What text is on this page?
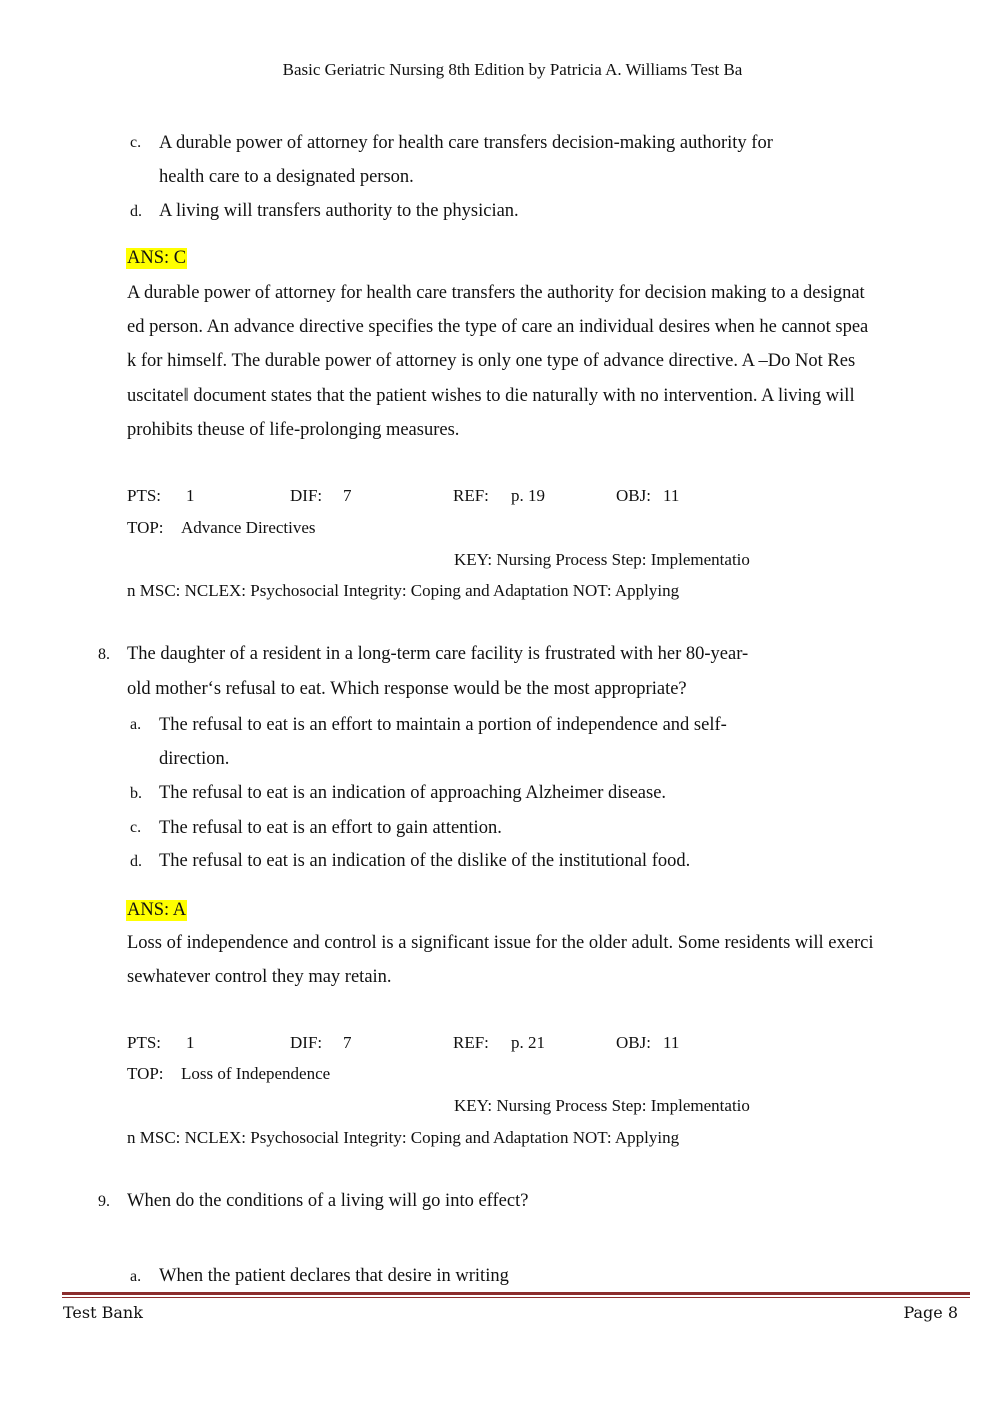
Basic Geriatric Nursing 8th Edition by Patricia A. Williams Test Ba
c. A durable power of attorney for health care transfers decision-making authority for
health care to a designated person.
d. A living will transfers authority to the physician.
ANS: C
A durable power of attorney for health care transfers the authority for decision making to a designat
ed person. An advance directive specifies the type of care an individual desires when he cannot spea
k for himself. The durable power of attorney is only one type of advance directive. A –Do Not Res
uscitate‖ document states that the patient wishes to die naturally with no intervention. A living will
prohibits theuse of life-prolonging measures.
PTS: 1	DIF: 7	REF: p. 19	OBJ: 11
TOP: Advance Directives
KEY: Nursing Process Step: Implementatio
n MSC: NCLEX: Psychosocial Integrity: Coping and Adaptation NOT: Applying
8. The daughter of a resident in a long-term care facility is frustrated with her 80-year-
old mother‘s refusal to eat. Which response would be the most appropriate?
a. The refusal to eat is an effort to maintain a portion of independence and self-
direction.
b. The refusal to eat is an indication of approaching Alzheimer disease.
c. The refusal to eat is an effort to gain attention.
d. The refusal to eat is an indication of the dislike of the institutional food.
ANS: A
Loss of independence and control is a significant issue for the older adult. Some residents will exerci
sewhatever control they may retain.
PTS: 1	DIF: 7	REF: p. 21	OBJ: 11
TOP: Loss of Independence
KEY: Nursing Process Step: Implementatio
n MSC: NCLEX: Psychosocial Integrity: Coping and Adaptation NOT: Applying
9. When do the conditions of a living will go into effect?
a. When the patient declares that desire in writing
Test Bank	Page 8
